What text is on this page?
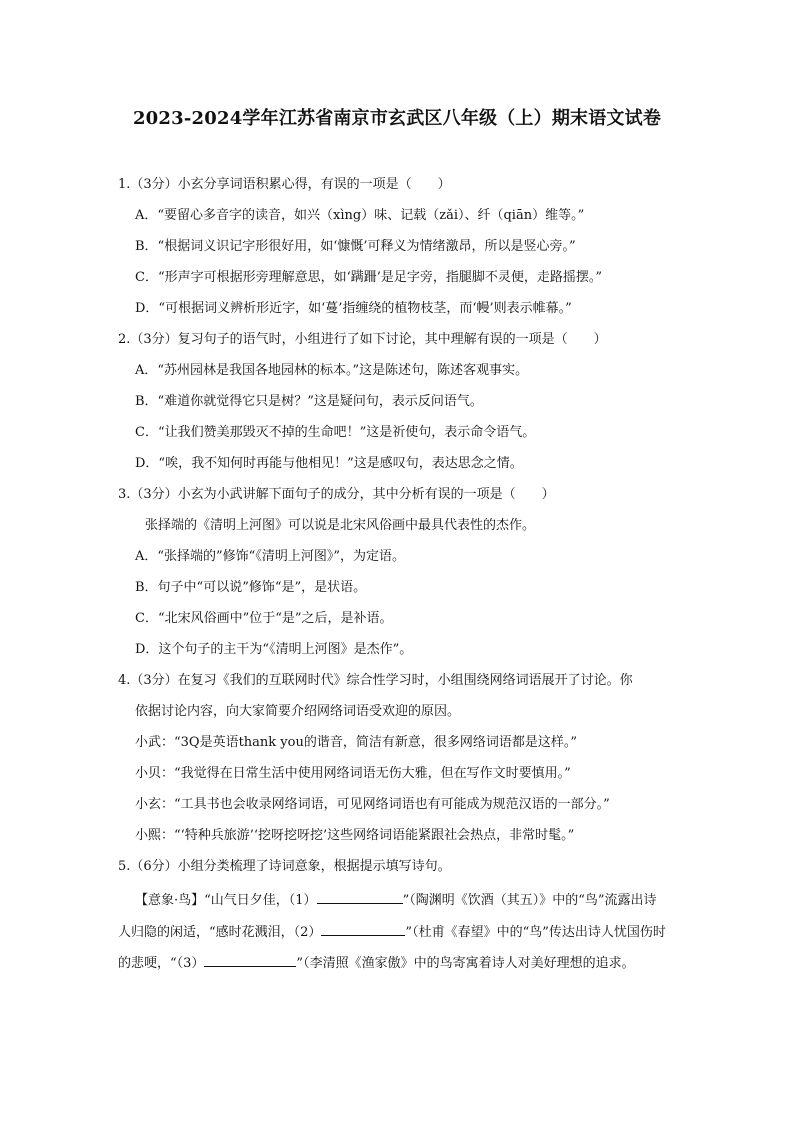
2023-2024学年江苏省南京市玄武区八年级（上）期末语文试卷
1.（3分）小玄分享词语积累心得，有误的一项是（　　）
A．“要留心多音字的读音，如兴（xìng）味、记载（zǎi）、纤（qiān）维等。”
B．“根据词义识记字形很好用，如‘慷慨’可释义为情绪激昂，所以是竖心旁。”
C．“形声字可根据形旁理解意思，如‘蹒跚’是足字旁，指腿脚不灵便，走路摇摆。”
D．“可根据词义辨析形近字，如‘蔓’指缠绕的植物枝茎，而‘幔’则表示帷幕。”
2.（3分）复习句子的语气时，小组进行了如下讨论，其中理解有误的一项是（　　）
A．“苏州园林是我国各地园林的标本。”这是陈述句，陈述客观事实。
B．“难道你就觉得它只是树？”这是疑问句，表示反问语气。
C．“让我们赞美那毁灭不掉的生命吧！”这是祈使句，表示命令语气。
D．“唉，我不知何时再能与他相见！”这是感叹句，表达思念之情。
3.（3分）小玄为小武讲解下面句子的成分，其中分析有误的一项是（　　）
张择端的《清明上河图》可以说是北宋风俗画中最具代表性的杰作。
A．“张择端的”修饰“《清明上河图》”，为定语。
B．句子中“可以说”修饰“是”，是状语。
C．“北宋风俗画中”位于“是”之后，是补语。
D．这个句子的主干为“《清明上河图》是杰作”。
4.（3分）在复习《我们的互联网时代》综合性学习时，小组围绕网络词语展开了讨论。你
依据讨论内容，向大家简要介绍网络词语受欢迎的原因。
小武：“3Q是英语thank you的谐音，简洁有新意，很多网络词语都是这样。”
小贝：“我觉得在日常生活中使用网络词语无伤大雅，但在写作文时要慎用。”
小玄：“工具书也会收录网络词语，可见网络词语也有可能成为规范汉语的一部分。”
小熙：“‘特种兵旅游’‘挖呀挖呀挖’这些网络词语能紧跟社会热点，非常时髦。”
5.（6分）小组分类梳理了诗词意象，根据提示填写诗句。
【意象·鸟】“山气日夕佳，（1）	”（陶渊明《饮酒（其五）》中的“鸟”流露出诗人归隐的闲适，“感时花溅泪，（2）	”（杜甫《春望》中的“鸟”传达出诗人忧国伤时的悲哽，“（3）	”（李清照《渔家傲》中的鸟寄寓着诗人对美好理想的追求。
